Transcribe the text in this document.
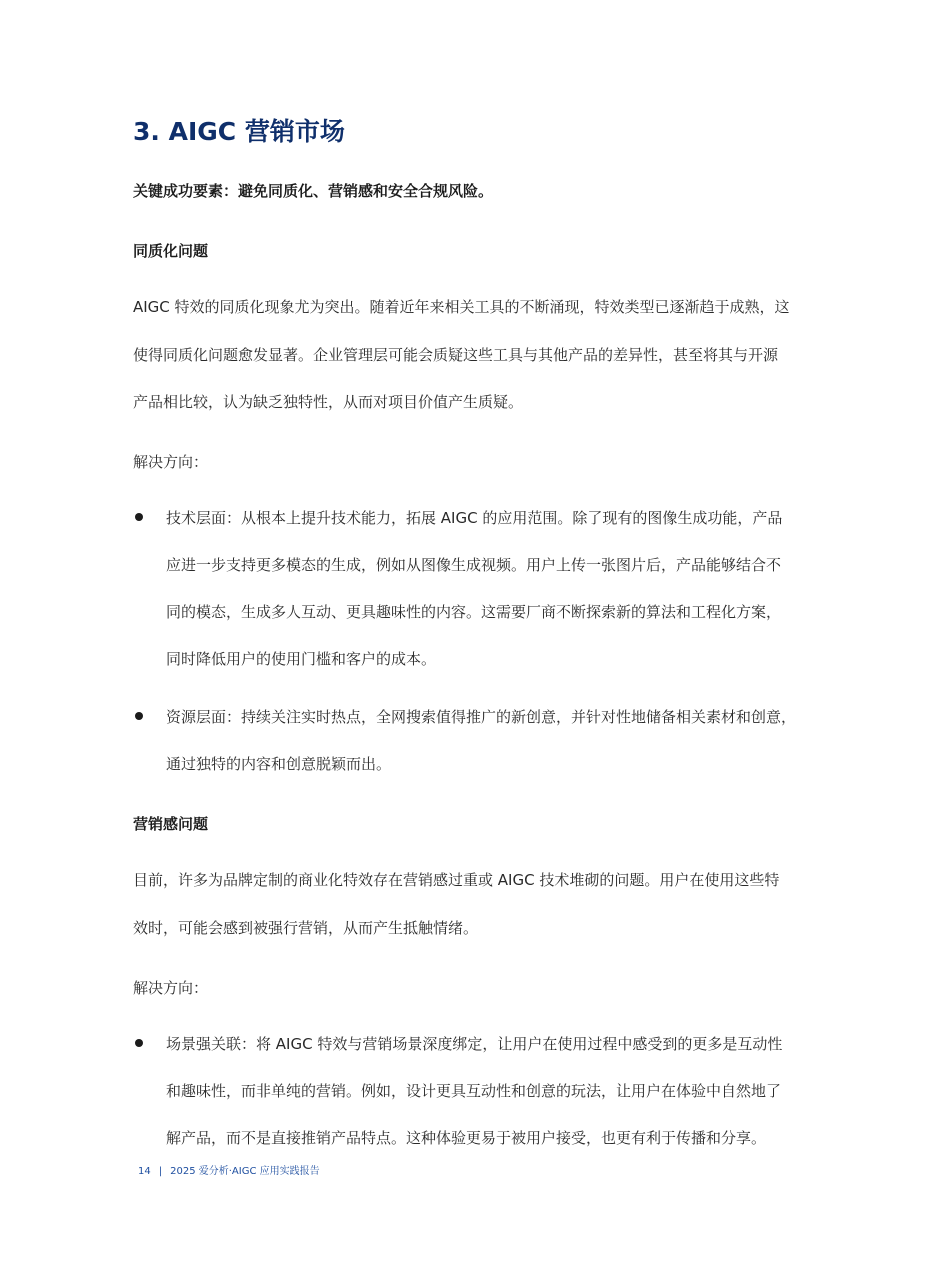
3. AIGC 营销市场
关键成功要素：避免同质化、营销感和安全合规风险。
同质化问题
AIGC 特效的同质化现象尤为突出。随着近年来相关工具的不断涌现，特效类型已逐渐趋于成熟，这
使得同质化问题愈发显著。企业管理层可能会质疑这些工具与其他产品的差异性，甚至将其与开源
产品相比较，认为缺乏独特性，从而对项目价值产生质疑。
解决方向：
技术层面：从根本上提升技术能力，拓展 AIGC 的应用范围。除了现有的图像生成功能，产品
应进一步支持更多模态的生成，例如从图像生成视频。用户上传一张图片后，产品能够结合不
同的模态，生成多人互动、更具趣味性的内容。这需要厂商不断探索新的算法和工程化方案，
同时降低用户的使用门槛和客户的成本。
资源层面：持续关注实时热点，全网搜索值得推广的新创意，并针对性地储备相关素材和创意，
通过独特的内容和创意脱颖而出。
营销感问题
目前，许多为品牌定制的商业化特效存在营销感过重或 AIGC 技术堆砌的问题。用户在使用这些特
效时，可能会感到被强行营销，从而产生抵触情绪。
解决方向：
场景强关联：将 AIGC 特效与营销场景深度绑定，让用户在使用过程中感受到的更多是互动性
和趣味性，而非单纯的营销。例如，设计更具互动性和创意的玩法，让用户在体验中自然地了
解产品，而不是直接推销产品特点。这种体验更易于被用户接受，也更有利于传播和分享。
14 | 2025 爱分析·AIGC 应用实践报告
